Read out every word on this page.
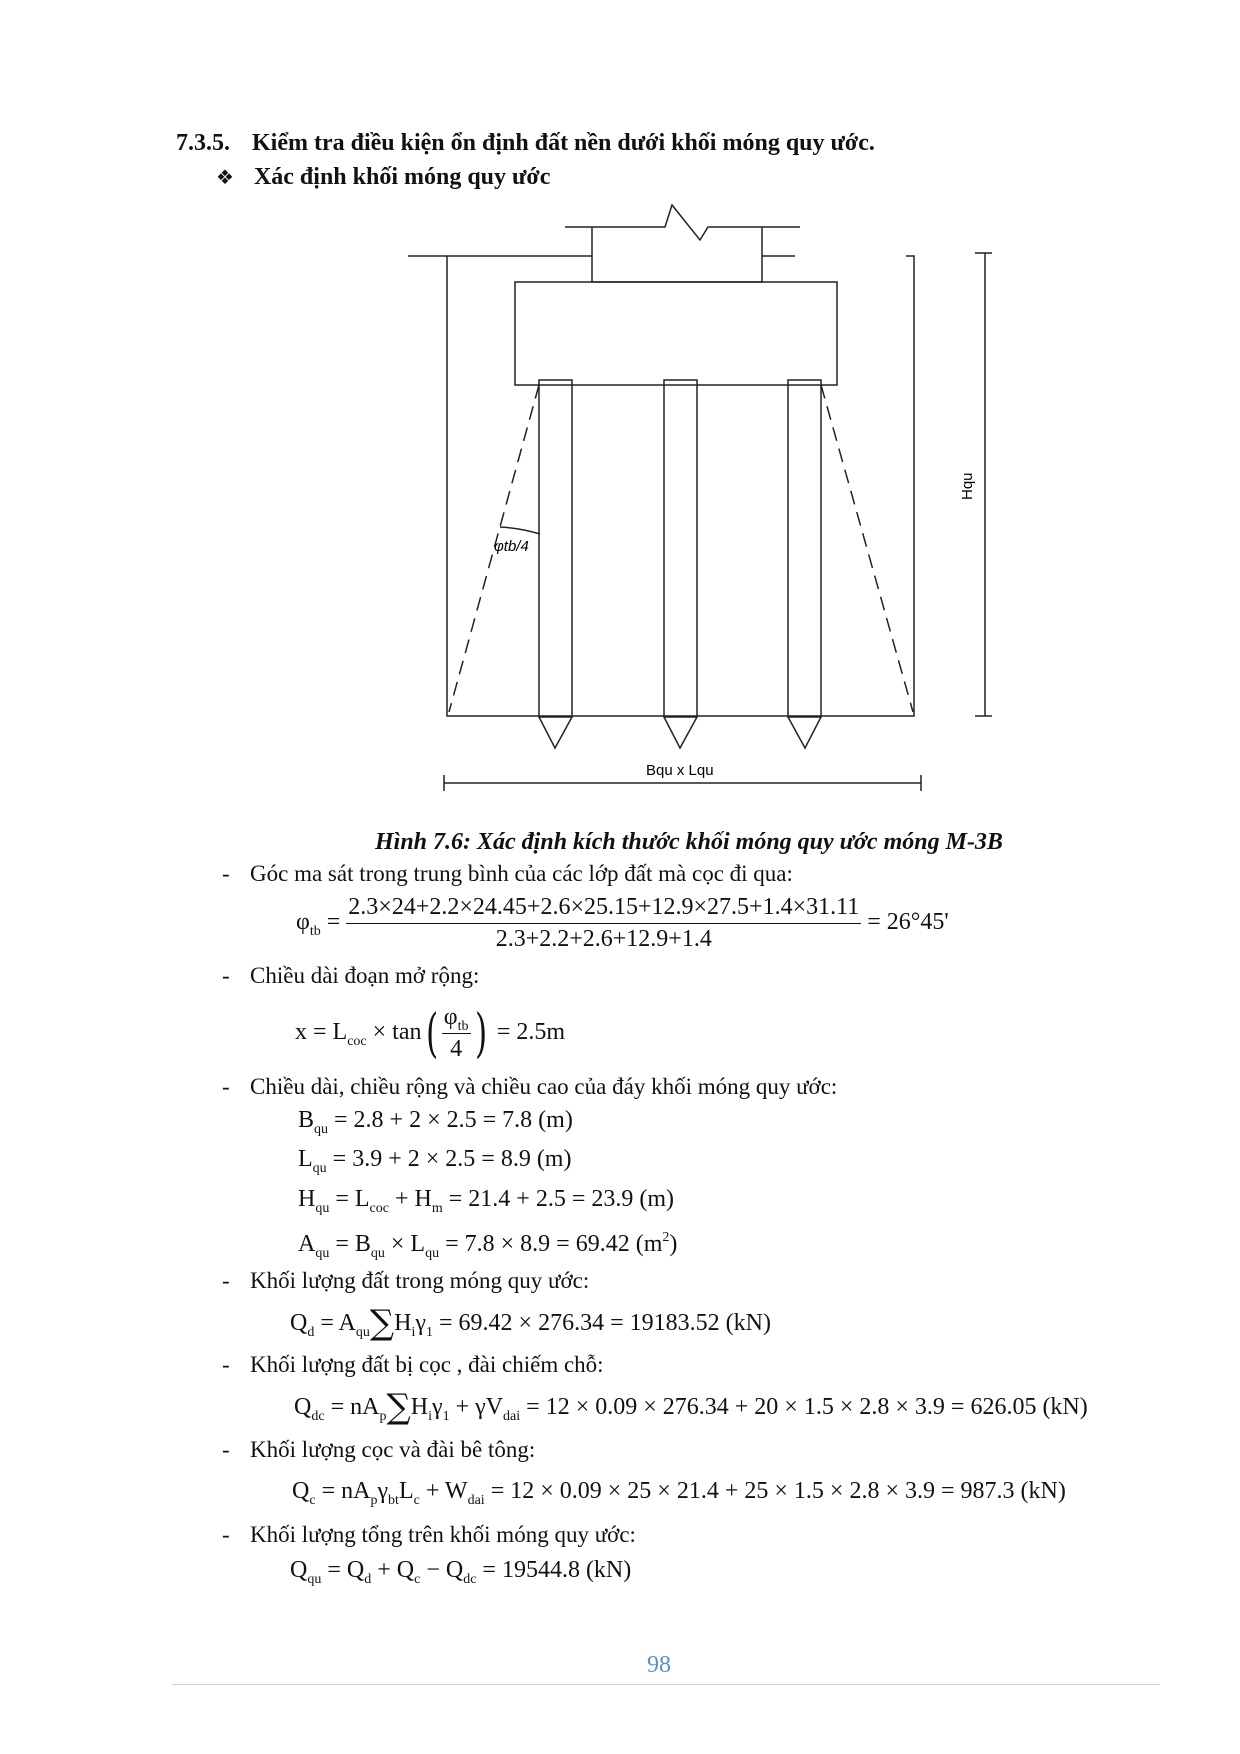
7.3.5. Kiểm tra điều kiện ổn định đất nền dưới khối móng quy ước.
❖ Xác định khối móng quy ước
Hqu
φtb/4
Bqu x Lqu
Hình 7.6: Xác định kích thước khối móng quy ước móng M-3B
- Góc ma sát trong trung bình của các lớp đất mà cọc đi qua:
$\varphi_{tb} = \frac{2.3\times 24+2.2\times 24.45+2.6\times 25.15+12.9\times 27.5+1.4\times 31.11}{2.3+2.2+2.6+12.9+1.4} = 26^\circ 45'$
- Chiều dài đoạn mở rộng:
$x = L_{coc} \times \tan( \frac{\varphi_{tb}}{4}$ ) = 2.5m
- Chiều dài, chiều rộng và chiều cao của đáy khối móng quy ước:
$B_{qu} = 2.8 + 2 \times 2.5 = 7.8$ (m)
$L_{qu} = 3.9 + 2 \times 2.5 = 8.9$ (m)
$H_{qu} = L_{coc} + H_m = 21.4 + 2.5 = 23.9$ (m)
$A_{qu} = B_{qu} \times L_{qu} = 7.8 \times 8.9 = 69.42$ $(m^2)$
- Khối lượng đất trong móng quy ước:
$Q_d = A_{qu}\sum H_i\gamma_1 = 69.42 \times 276.34 = 19183.52$ (kN)
- Khối lượng đất bị cọc , đài chiếm chỗ:
$Q_{dc} = nA_p\sum H_i\gamma_1 + \gamma V_{dai} = 12 \times 0.09 \times 276.34 + 20 \times 1.5 \times 2.8 \times 3.9 = 626.05$ (kN)
- Khối lượng cọc và đài bê tông:
$Q_c = nA_p\gamma_{bt}L_c + W_{dai} = 12 \times 0.09 \times 25 \times 21.4 + 25 \times 1.5 \times 2.8 \times 3.9 = 987.3$ (kN)
- Khối lượng tổng trên khối móng quy ước:
$Q_{qu} = Q_d + Q_c - Q_{dc} = 19544.8$ (kN)
98
